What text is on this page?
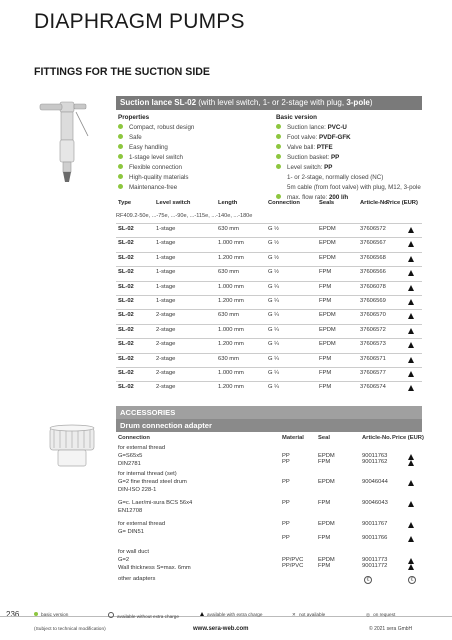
DIAPHRAGM PUMPS
FITTINGS FOR THE SUCTION SIDE
Suction lance SL-02 (with level switch, 1- or 2-stage with plug, 3-pole)
Properties	Basic version
Compact, robust design
Safe
Easy handling
1-stage level switch
Flexible connection
High-quality materials
Maintenance-free
Suction lance: PVC-U
Foot valve: PVDF-GFK
Valve ball: PTFE
Suction basket: PP
Level switch: PP
1- or 2-stage, normally closed (NC)
5m cable (from foot valve) with plug, M12, 3-pole
max. flow rate: 200 l/h
Type	Level switch	Length	Connection	Seals	Article-No.
Price (EUR)
RF409.2-50e, ...-75e, ...-90e, ...-115e, ...-140e, ...-180e
SL-02	1-stage	630 mm	G ½	EPDM	37606572
SL-02	1-stage	1.000 mm	G ½	EPDM	37606567
SL-02	1-stage	1.200 mm	G ½	EPDM	37606568
SL-02	1-stage	630 mm	G ½	FPM	37606566
SL-02	1-stage	1.000 mm	G ¼	FPM	37606078
SL-02	1-stage	1.200 mm	G ¼	FPM	37606569
SL-02	2-stage	630 mm	G ¼	EPDM	37606570
SL-02	2-stage	1.000 mm	G ¼	EPDM	37606572
SL-02	2-stage	1.200 mm	G ¼	EPDM	37606573
SL-02	2-stage	630 mm	G ¼	FPM	37606571
SL-02	2-stage	1.000 mm	G ¼	FPM	37606577
SL-02	2-stage	1.200 mm	G ¼	FPM	37606574
ACCESSORIES
Drum connection adapter
Connection	Material Seal	Article-No. Price (EUR)
for external thread
G=S65x5
DIN2781
PP	EPDM	90011763
PP	FPM	90011762
for internal thread (set)
G=2 fine thread steel drum
DIN-ISO 228-1
PP	EPDM	90046044
G=c. Laer/mi-sura BCS 56x4
EN12708
PP	FPM	90046043
for external thread
G= DIN51
PP	EPDM	90011767
PP	FPM	90011766
for wall duct
G=2
Wall thickness S=max. 6mm
PP/PVC	EPDM	90011773
PP/PVC	FPM	90011772
other adapters	€	€
236	basic version	available without extra charge	available with extra charge	✕ not available	◎ on request
(Subject to technical modification)	www.sera-web.com	© 2021 sera GmbH
